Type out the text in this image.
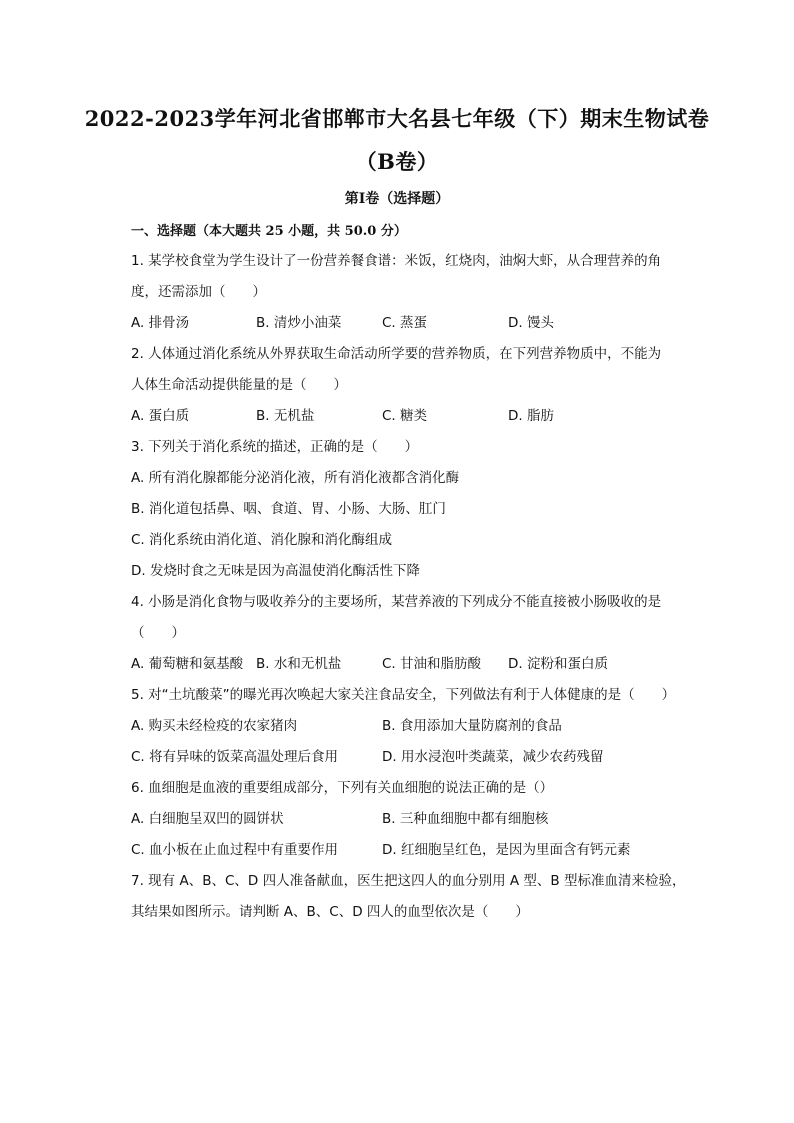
2022-2023学年河北省邯郸市大名县七年级（下）期末生物试卷
（B卷）
第Ⅰ卷（选择题）
一、选择题（本大题共 25 小题，共 50.0 分）
1. 某学校食堂为学生设计了一份营养餐食谱：米饭，红烧肉，油焖大虾，从合理营养的角
度，还需添加（　　）
A. 排骨汤	B. 清炒小油菜	C. 蒸蛋	D. 馒头
2. 人体通过消化系统从外界获取生命活动所学要的营养物质，在下列营养物质中，不能为
人体生命活动提供能量的是（　　）
A. 蛋白质	B. 无机盐	C. 糖类	D. 脂肪
3. 下列关于消化系统的描述，正确的是（　　）
A. 所有消化腺都能分泌消化液，所有消化液都含消化酶
B. 消化道包括鼻、咽、食道、胃、小肠、大肠、肛门
C. 消化系统由消化道、消化腺和消化酶组成
D. 发烧时食之无味是因为高温使消化酶活性下降
4. 小肠是消化食物与吸收养分的主要场所，某营养液的下列成分不能直接被小肠吸收的是
（　　）
A. 葡萄糖和氨基酸 B. 水和无机盐	C. 甘油和脂肪酸 D. 淀粉和蛋白质
5. 对“土坑酸菜”的曝光再次唤起大家关注食品安全，下列做法有利于人体健康的是（　　）
A. 购买未经检疫的农家猪肉	B. 食用添加大量防腐剂的食品
C. 将有异味的饭菜高温处理后食用	D. 用水浸泡叶类蔬菜，减少农药残留
6. 血细胞是血液的重要组成部分，下列有关血细胞的说法正确的是（）
A. 白细胞呈双凹的圆饼状	B. 三种血细胞中都有细胞核
C. 血小板在止血过程中有重要作用	D. 红细胞呈红色，是因为里面含有钙元素
7. 现有 A、B、C、D 四人准备献血，医生把这四人的血分别用 A 型、B 型标准血清来检验，
其结果如图所示。请判断 A、B、C、D 四人的血型依次是（　　）
